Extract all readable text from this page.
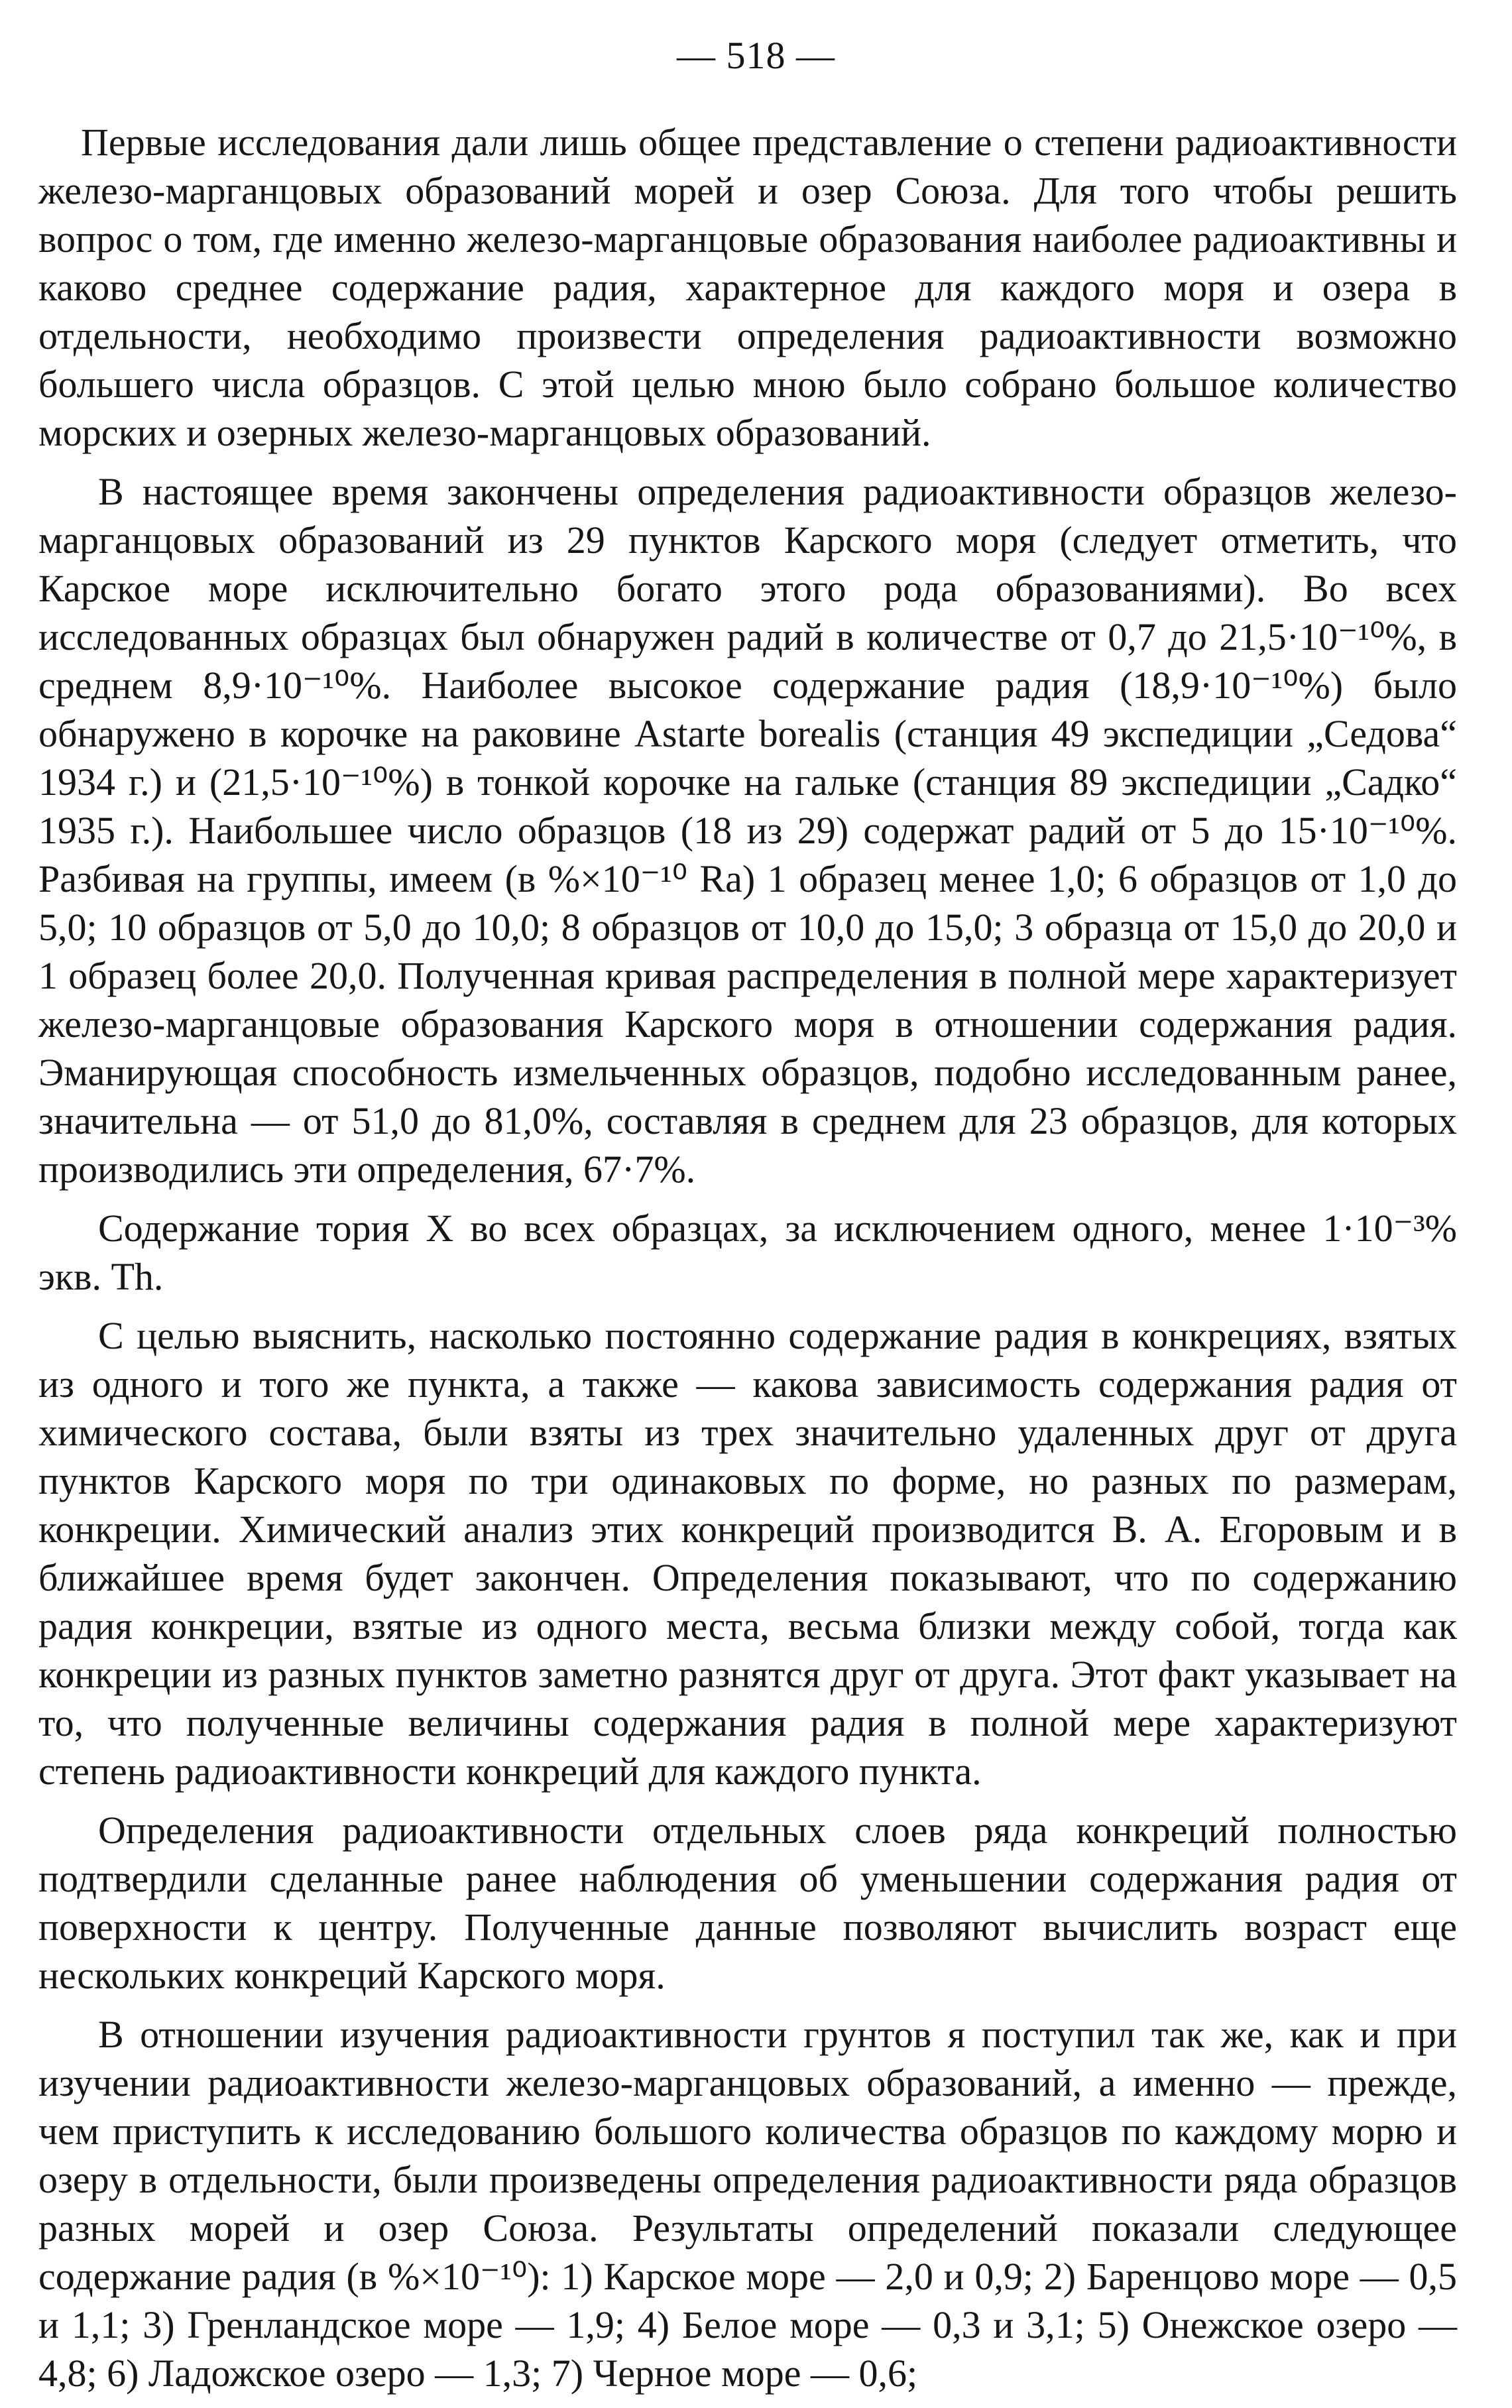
— 518 —

Первые исследования дали лишь общее представление о степени радиоактивности железо-марганцовых образований морей и озер Союза. Для того чтобы решить вопрос о том, где именно железо-марганцовые образования наиболее радиоактивны и каково среднее содержание радия, характерное для каждого моря и озера в отдельности, необходимо произвести определения радиоактивности возможно большего числа образцов. С этой целью мною было собрано большое количество морских и озерных железо-марганцовых образований.

В настоящее время закончены определения радиоактивности образцов железо-марганцовых образований из 29 пунктов Карского моря (следует отметить, что Карское море исключительно богато этого рода образованиями). Во всех исследованных образцах был обнаружен радий в количестве от 0,7 до 21,5·10⁻¹⁰%, в среднем 8,9·10⁻¹⁰%. Наиболее высокое содержание радия (18,9·10⁻¹⁰%) было обнаружено в корочке на раковине Astarte borealis (станция 49 экспедиции „Седова“ 1934 г.) и (21,5·10⁻¹⁰%) в тонкой корочке на гальке (станция 89 экспедиции „Садко“ 1935 г.). Наибольшее число образцов (18 из 29) содержат радий от 5 до 15·10⁻¹⁰%. Разбивая на группы, имеем (в %×10⁻¹⁰ Ra) 1 образец менее 1,0; 6 образцов от 1,0 до 5,0; 10 образцов от 5,0 до 10,0; 8 образцов от 10,0 до 15,0; 3 образца от 15,0 до 20,0 и 1 образец более 20,0. Полученная кривая распределения в полной мере характеризует железо-марганцовые образования Карского моря в отношении содержания радия. Эманирующая способность измельченных образцов, подобно исследованным ранее, значительна — от 51,0 до 81,0%, составляя в среднем для 23 образцов, для которых производились эти определения, 67·7%.

Содержание тория X во всех образцах, за исключением одного, менее 1·10⁻³% экв. Th.

С целью выяснить, насколько постоянно содержание радия в конкрециях, взятых из одного и того же пункта, а также — какова зависимость содержания радия от химического состава, были взяты из трех значительно удаленных друг от друга пунктов Карского моря по три одинаковых по форме, но разных по размерам, конкреции. Химический анализ этих конкреций производится В. А. Егоровым и в ближайшее время будет закончен. Определения показывают, что по содержанию радия конкреции, взятые из одного места, весьма близки между собой, тогда как конкреции из разных пунктов заметно разнятся друг от друга. Этот факт указывает на то, что полученные величины содержания радия в полной мере характеризуют степень радиоактивности конкреций для каждого пункта.

Определения радиоактивности отдельных слоев ряда конкреций полностью подтвердили сделанные ранее наблюдения об уменьшении содержания радия от поверхности к центру. Полученные данные позволяют вычислить возраст еще нескольких конкреций Карского моря.

В отношении изучения радиоактивности грунтов я поступил так же, как и при изучении радиоактивности железо-марганцовых образований, а именно — прежде, чем приступить к исследованию большого количества образцов по каждому морю и озеру в отдельности, были произведены определения радиоактивности ряда образцов разных морей и озер Союза. Результаты определений показали следующее содержание радия (в %×10⁻¹⁰): 1) Карское море — 2,0 и 0,9; 2) Баренцово море — 0,5 и 1,1; 3) Гренландское море — 1,9; 4) Белое море — 0,3 и 3,1; 5) Онежское озеро — 4,8; 6) Ладожское озеро — 1,3; 7) Черное море — 0,6;
